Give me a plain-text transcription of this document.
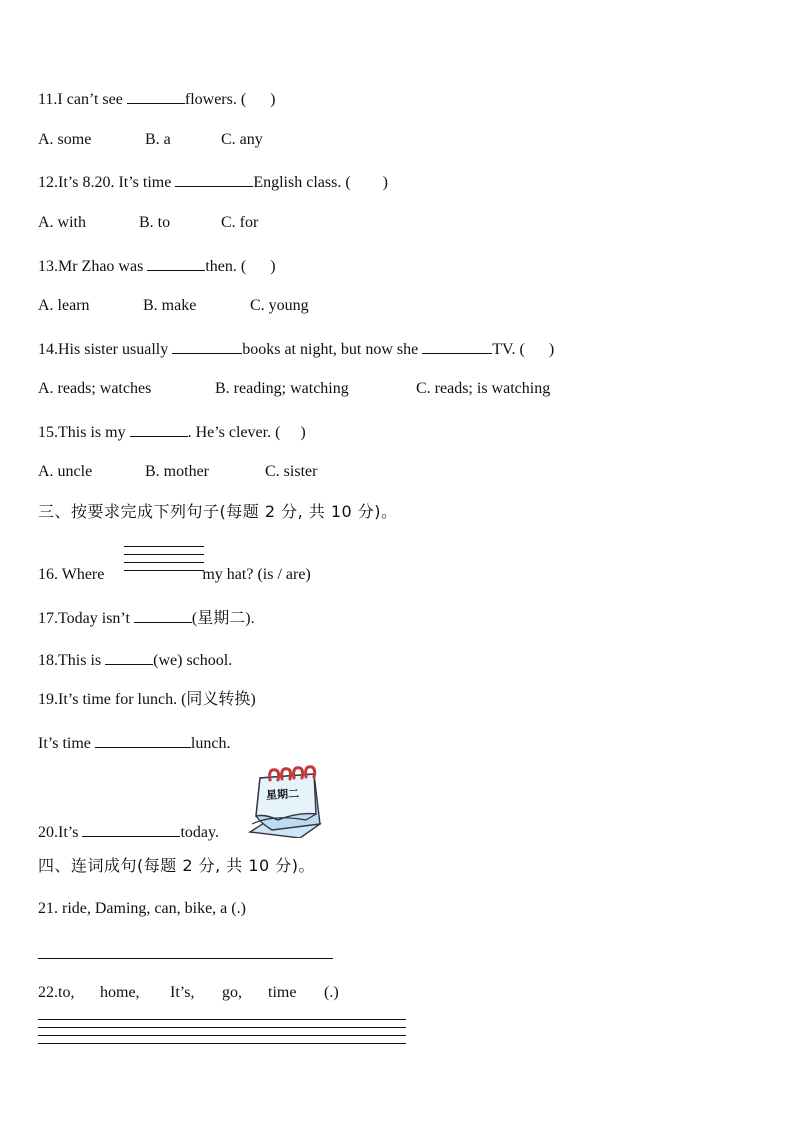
11.I can’t see	flowers. ( )
A. some	B. a	C. any
12.It’s 8.20. It’s time	English class. ( )
A. with	B. to	C. for
13.Mr Zhao was	then. ( )
A. learn	B. make	C. young
14.His sister usually	books at night, but now she	TV. ( )
A. reads; watches	B. reading; watching	C. reads; is watching
15.This is my	. He’s clever. ( )
A. uncle	B. mother	C. sister
三、按要求完成下列句子(每题 2 分, 共 10 分)。
16. Where	my hat? (is / are)
17.Today isn’t	(星期二).
18.This is	(we) school.
19.It’s time for lunch. (同义转换)
It’s time	lunch.
星期二
20.It’s	today.
四、连词成句(每题 2 分, 共 10 分)。
21. ride, Daming, can, bike, a (.)
22.to, home, It’s, go, time (.)
